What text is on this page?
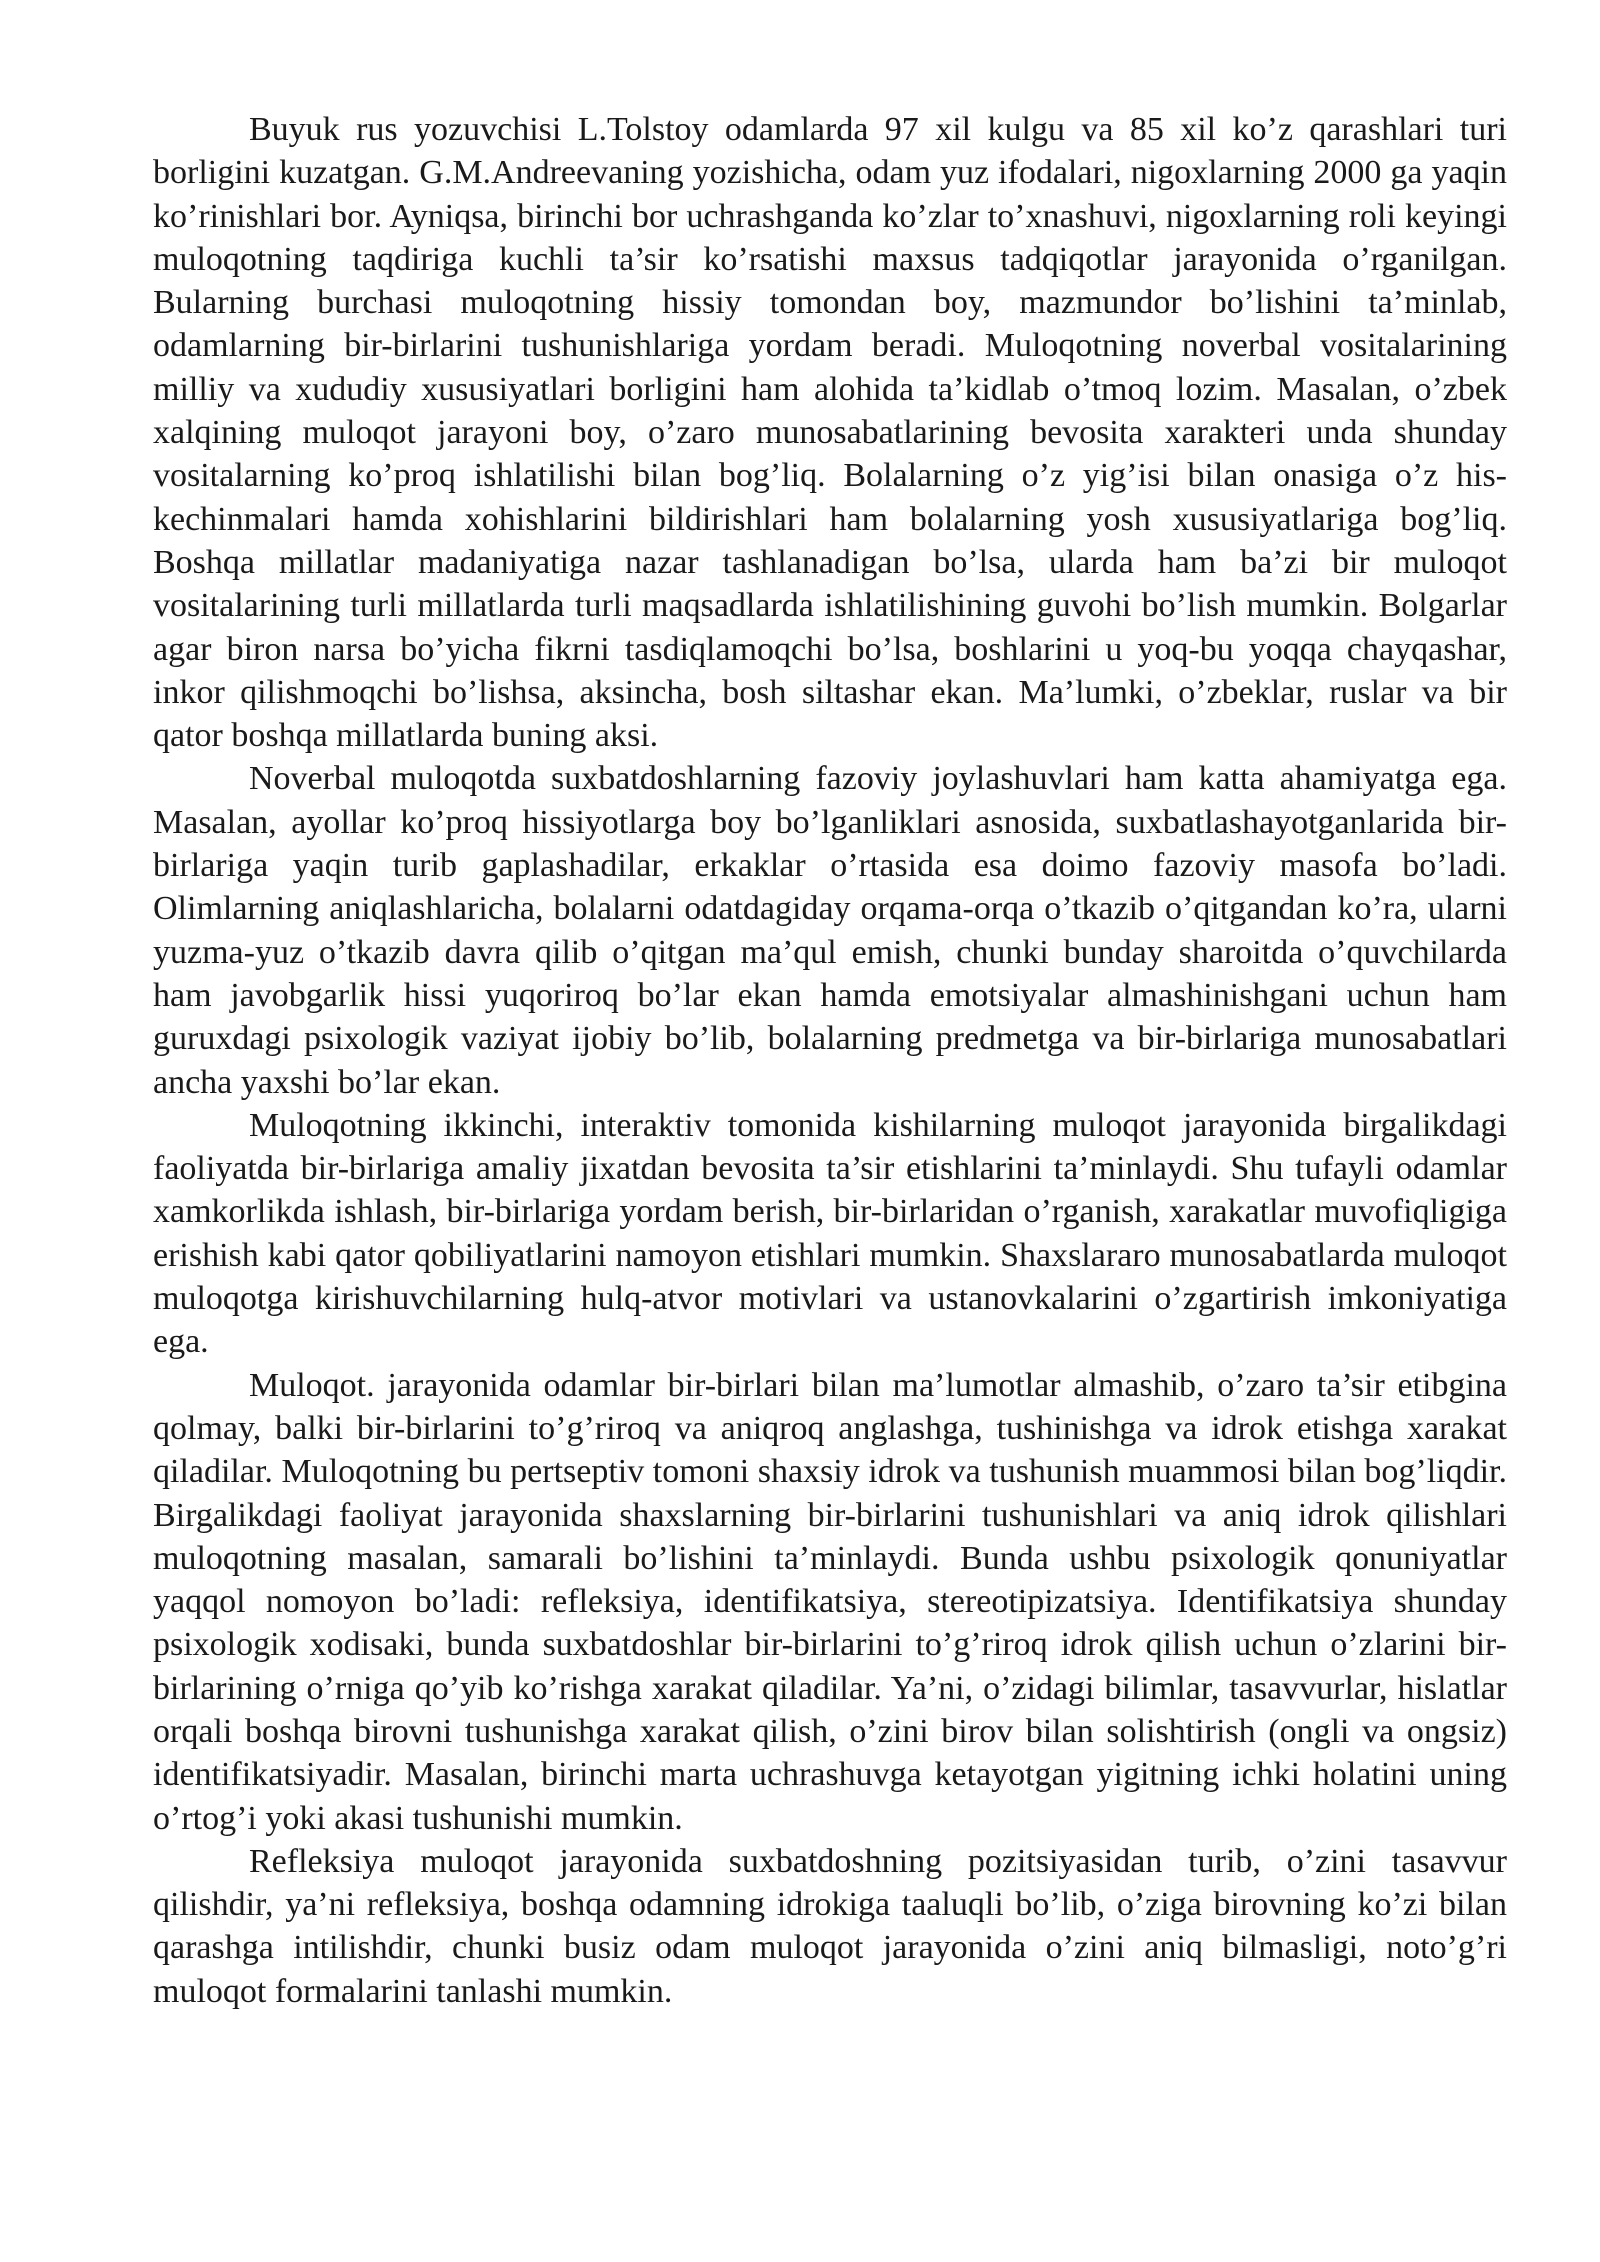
Buyuk rus yozuvchisi L.Tolstoy odamlarda 97 xil kulgu va 85 xil ko’z qarashlari turi borligini kuzatgan. G.M.Andreevaning yozishicha, odam yuz ifodalari, nigoxlarning 2000 ga yaqin ko’rinishlari bor. Ayniqsa, birinchi bor uchrashganda ko’zlar to’xnashuvi, nigoxlarning roli keyingi muloqotning taqdiriga kuchli ta’sir ko’rsatishi maxsus tadqiqotlar jarayonida o’rganilgan. Bularning burchasi muloqotning hissiy tomondan boy, mazmundor bo’lishini ta’minlab, odamlarning bir-birlarini tushunishlariga yordam beradi. Muloqotning noverbal vositalarining milliy va xududiy xususiyatlari borligini ham alohida ta’kidlab o’tmoq lozim. Masalan, o’zbek xalqining muloqot jarayoni boy, o’zaro munosabatlarining bevosita xarakteri unda shunday vositalarning ko’proq ishlatilishi bilan bog’liq. Bolalarning o’z yig’isi bilan onasiga o’z his-kechinmalari hamda xohishlarini bildirishlari ham bolalarning yosh xususiyatlariga bog’liq. Boshqa millatlar madaniyatiga nazar tashlanadigan bo’lsa, ularda ham ba’zi bir muloqot vositalarining turli millatlarda turli maqsadlarda ishlatilishining guvohi bo’lish mumkin. Bolgarlar agar biron narsa bo’yicha fikrni tasdiqlamoqchi bo’lsa, boshlarini u yoq-bu yoqqa chayqashar, inkor qilishmoqchi bo’lishsa, aksincha, bosh siltashar ekan. Ma’lumki, o’zbeklar, ruslar va bir qator boshqa millatlarda buning aksi.

Noverbal muloqotda suxbatdoshlarning fazoviy joylashuvlari ham katta ahamiyatga ega. Masalan, ayollar ko’proq hissiyotlarga boy bo’lganliklari asnosida, suxbatlashayotganlarida bir-birlariga yaqin turib gaplashadilar, erkaklar o’rtasida esa doimo fazoviy masofa bo’ladi. Olimlarning aniqlashlaricha, bolalarni odatdagiday orqama-orqa o’tkazib o’qitgandan ko’ra, ularni yuzma-yuz o’tkazib davra qilib o’qitgan ma’qul emish, chunki bunday sharoitda o’quvchilarda ham javobgarlik hissi yuqoriroq bo’lar ekan hamda emotsiyalar almashinishgani uchun ham guruxdagi psixologik vaziyat ijobiy bo’lib, bolalarning predmetga va bir-birlariga munosabatlari ancha yaxshi bo’lar ekan.

Muloqotning ikkinchi, interaktiv tomonida kishilarning muloqot jarayonida birgalikdagi faoliyatda bir-birlariga amaliy jixatdan bevosita ta’sir etishlarini ta’minlaydi. Shu tufayli odamlar xamkorlikda ishlash, bir-birlariga yordam berish, bir-birlaridan o’rganish, xarakatlar muvofiqligiga erishish kabi qator qobiliyatlarini namoyon etishlari mumkin. Shaxslararo munosabatlarda muloqot muloqotga kirishuvchilarning hulq-atvor motivlari va ustanovkalarini o’zgartirish imkoniyatiga ega.

Muloqot. jarayonida odamlar bir-birlari bilan ma’lumotlar almashib, o’zaro ta’sir etibgina qolmay, balki bir-birlarini to’g’riroq va aniqroq anglashga, tushinishga va idrok etishga xarakat qiladilar. Muloqotning bu pertseptiv tomoni shaxsiy idrok va tushunish muammosi bilan bog’liqdir. Birgalikdagi faoliyat jarayonida shaxslarning bir-birlarini tushunishlari va aniq idrok qilishlari muloqotning masalan, samarali bo’lishini ta’minlaydi. Bunda ushbu psixologik qonuniyatlar yaqqol nomoyon bo’ladi: refleksiya, identifikatsiya, stereotipizatsiya. Identifikatsiya shunday psixologik xodisaki, bunda suxbatdoshlar bir-birlarini to’g’riroq idrok qilish uchun o’zlarini bir-birlarining o’rniga qo’yib ko’rishga xarakat qiladilar. Ya’ni, o’zidagi bilimlar, tasavvurlar, hislatlar orqali boshqa birovni tushunishga xarakat qilish, o’zini birov bilan solishtirish (ongli va ongsiz) identifikatsiyadir. Masalan, birinchi marta uchrashuvga ketayotgan yigitning ichki holatini uning o’rtog’i yoki akasi tushunishi mumkin.

Refleksiya muloqot jarayonida suxbatdoshning pozitsiyasidan turib, o’zini tasavvur qilishdir, ya’ni refleksiya, boshqa odamning idrokiga taaluqli bo’lib, o’ziga birovning ko’zi bilan qarashga intilishdir, chunki busiz odam muloqot jarayonida o’zini aniq bilmasligi, noto’g’ri muloqot formalarini tanlashi mumkin.
